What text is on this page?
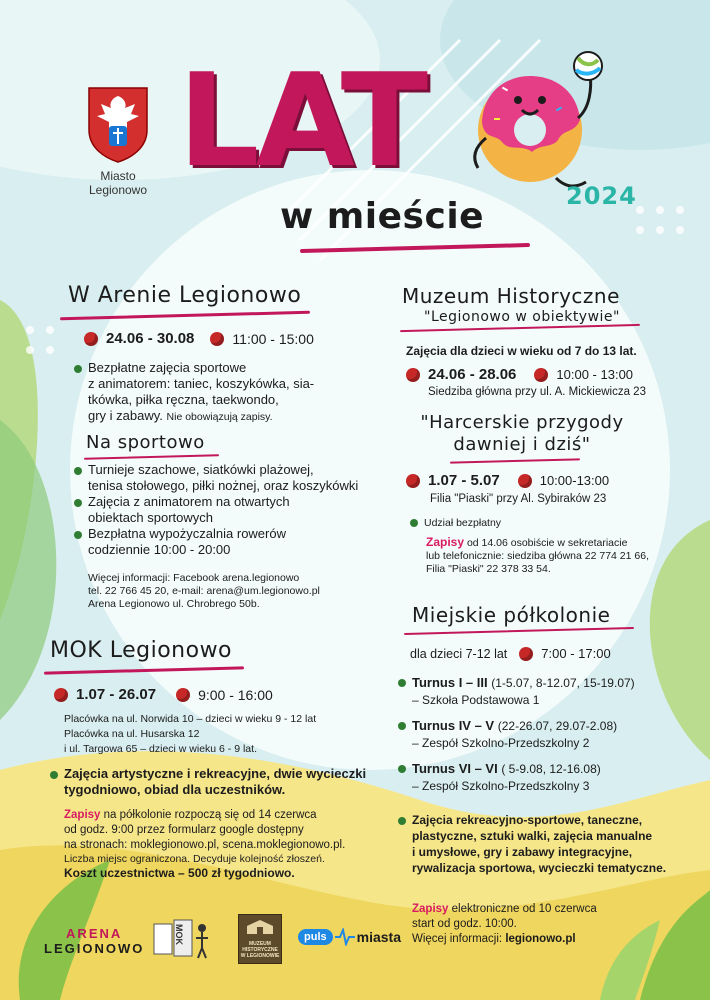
Miasto
Legionowo LAT	2024
w mieście
W Arenie Legionowo
24.06 - 30.08	11:00 - 15:00
Bezpłatne zajęcia sportowe
z animatorem: taniec, koszykówka, sia-
tkówka, piłka ręczna, taekwondo,
gry i zabawy. Nie obowiązują zapisy.
Na sportowo
Turnieje szachowe, siatkówki plażowej,
tenisa stołowego, piłki nożnej, oraz koszykówki
Zajęcia z animatorem na otwartych
obiektach sportowych
Bezpłatna wypożyczalnia rowerów
codziennie 10:00 - 20:00
Więcej informacji: Facebook arena.legionowo
tel. 22 766 45 20, e-mail: arena@um.legionowo.pl
Arena Legionowo ul. Chrobrego 50b.
MOK Legionowo
1.07 - 26.07	9:00 - 16:00
Placówka na ul. Norwida 10 – dzieci w wieku 9 - 12 lat
Placówka na ul. Husarska 12
i ul. Targowa 65 – dzieci w wieku 6 - 9 lat.
Zajęcia artystyczne i rekreacyjne, dwie wycieczki
tygodniowo, obiad dla uczestników.
Zapisy na półkolonie rozpoczą się od 14 czerwca
od godz. 9:00 przez formularz google dostępny
na stronach: moklegionowo.pl, scena.moklegionowo.pl.
Liczba miejsc ograniczona. Decyduje kolejność złoszeń.
Koszt uczestnictwa – 500 zł tygodniowo.
Muzeum Historyczne
"Legionowo w obiektywie"
Zajęcia dla dzieci w wieku od 7 do 13 lat.
24.06 - 28.06	10:00 - 13:00
Siedziba główna przy ul. A. Mickiewicza 23
"Harcerskie przygody
dawniej i dziś"
1.07 - 5.07	10:00-13:00
Filia "Piaski" przy Al. Sybiraków 23
Udział bezpłatny
Zapisy od 14.06 osobiście w sekretariacie
lub telefonicznie: siedziba główna 22 774 21 66,
Filia "Piaski" 22 378 33 54.
Miejskie półkolonie
dla dzieci 7-12 lat	7:00 - 17:00
Turnus I – III (1-5.07, 8-12.07, 15-19.07)
– Szkoła Podstawowa 1
Turnus IV – V (22-26.07, 29.07-2.08)
– Zespół Szkolno-Przedszkolny 2
Turnus VI – VI ( 5-9.08, 12-16.08)
– Zespół Szkolno-Przedszkolny 3
Zajęcia rekreacyjno-sportowe, taneczne,
plastyczne, sztuki walki, zajęcia manualne
i umysłowe, gry i zabawy integracyjne,
rywalizacja sportowa, wycieczki tematyczne.
Zapisy elektroniczne od 10 czerwca
start od godz. 10:00.
Więcej informacji: legionowo.pl
ARENA
LEGIONOWO
MOK	MUZEUM
HISTORYCZNE
W LEGIONOWIE
puls	miasta
